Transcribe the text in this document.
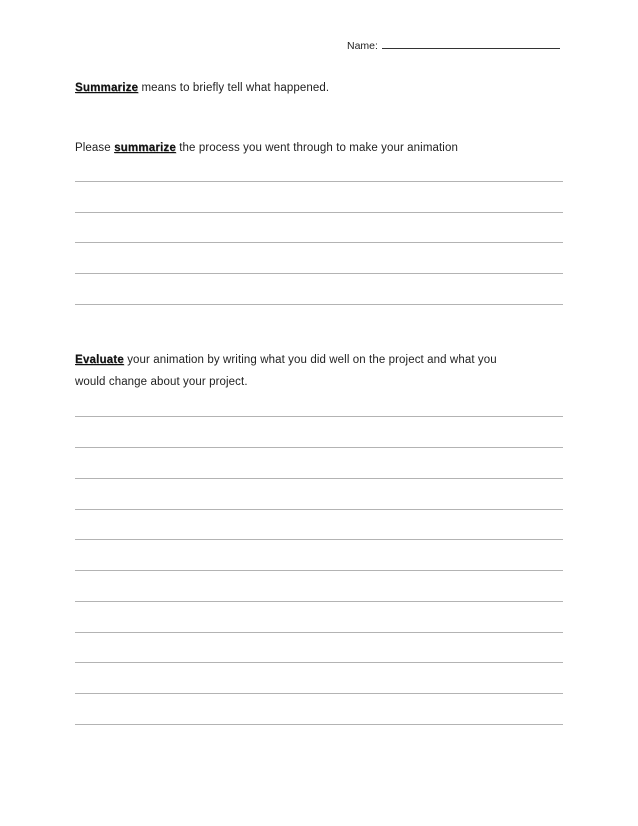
Name:
Summarize means to briefly tell what happened.
Please summarize the process you went through to make your animation
Evaluate your animation by writing what you did well on the project and what you
would change about your project.
